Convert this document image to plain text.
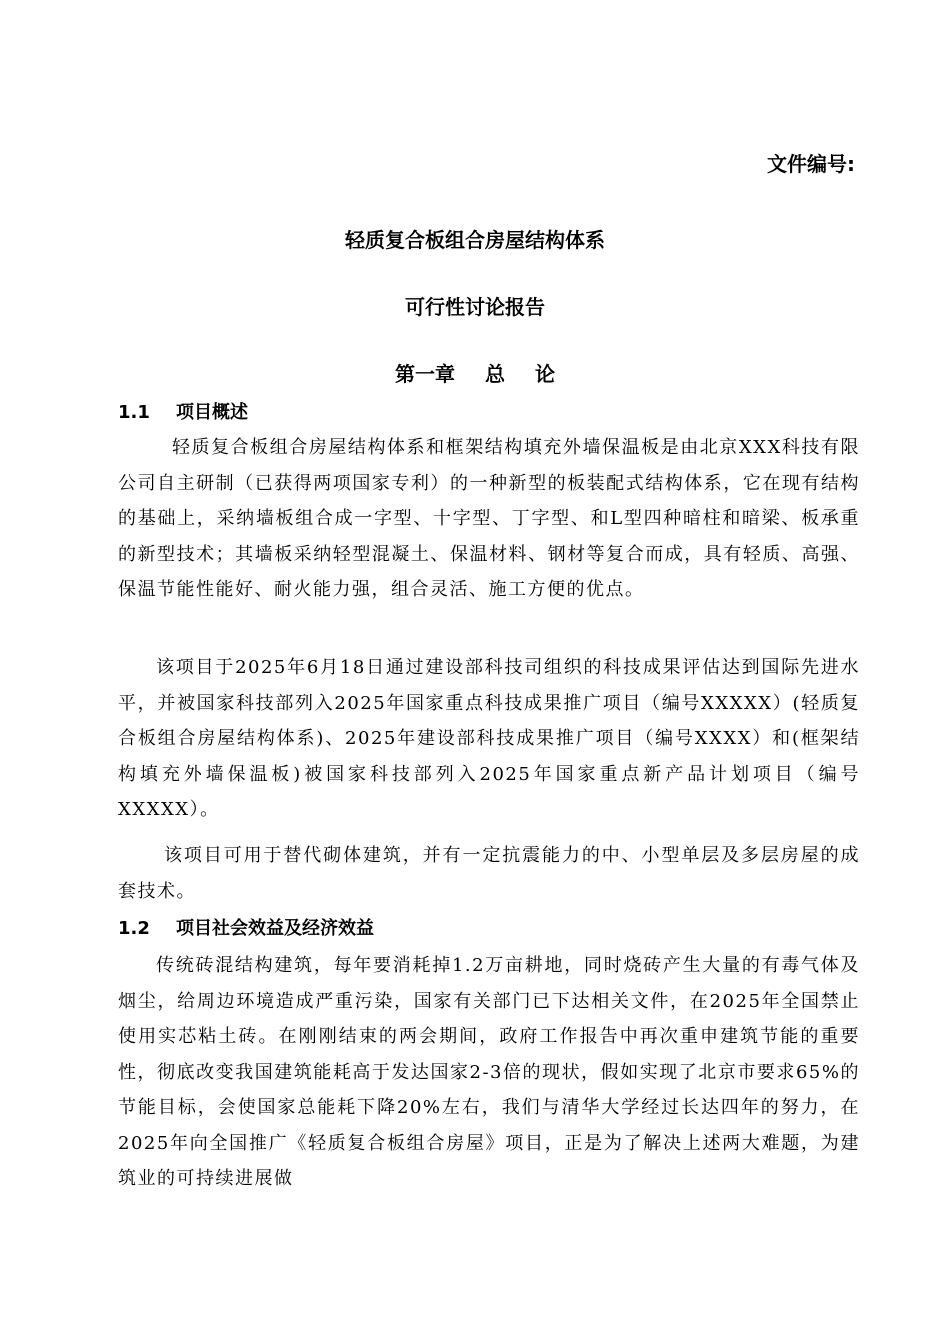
文件编号:
轻质复合板组合房屋结构体系
可行性讨论报告
第一章 总 论
1.1 项目概述
轻质复合板组合房屋结构体系和框架结构填充外墙保温板是由北京XXX科技有限公司自主研制（已获得两项国家专利）的一种新型的板装配式结构体系，它在现有结构的基础上，采纳墙板组合成一字型、十字型、丁字型、和L型四种暗柱和暗梁、板承重的新型技术；其墙板采纳轻型混凝土、保温材料、钢材等复合而成，具有轻质、高强、保温节能性能好、耐火能力强，组合灵活、施工方便的优点。
该项目于2025年6月18日通过建设部科技司组织的科技成果评估达到国际先进水平，并被国家科技部列入2025年国家重点科技成果推广项目（编号XXXXX）(轻质复合板组合房屋结构体系)、2025年建设部科技成果推广项目（编号XXXX）和(框架结构填充外墙保温板)被国家科技部列入2025年国家重点新产品计划项目（编号XXXXX）。
该项目可用于替代砌体建筑，并有一定抗震能力的中、小型单层及多层房屋的成套技术。
1.2 项目社会效益及经济效益
传统砖混结构建筑，每年要消耗掉1.2万亩耕地，同时烧砖产生大量的有毒气体及烟尘，给周边环境造成严重污染，国家有关部门已下达相关文件，在2025年全国禁止使用实芯粘土砖。在刚刚结束的两会期间，政府工作报告中再次重申建筑节能的重要性，彻底改变我国建筑能耗高于发达国家2-3倍的现状，假如实现了北京市要求65%的节能目标，会使国家总能耗下降20%左右，我们与清华大学经过长达四年的努力，在2025年向全国推广《轻质复合板组合房屋》项目，正是为了解决上述两大难题，为建筑业的可持续进展做
